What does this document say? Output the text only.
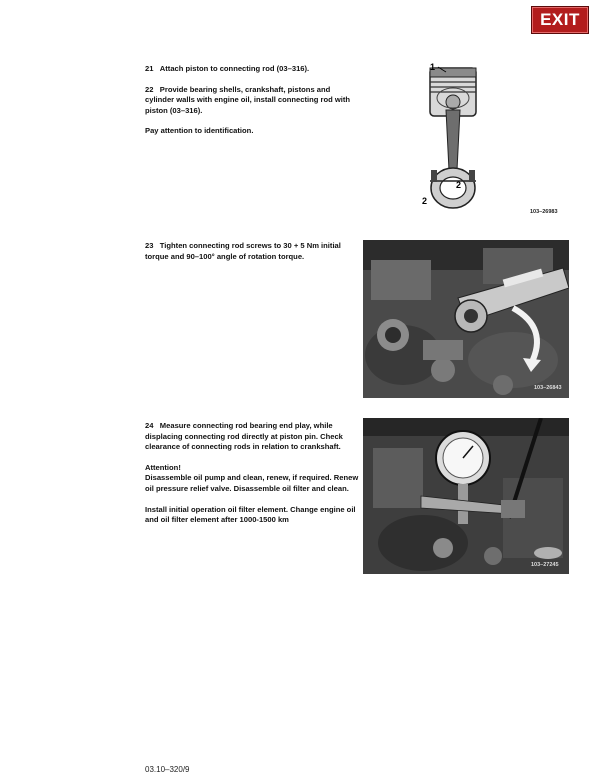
EXIT

21 Attach piston to connecting rod (03–316).

22 Provide bearing shells, crankshaft, pistons and cylinder walls with engine oil, install connecting rod with piston (03–316).

Pay attention to identification.

23 Tighten connecting rod screws to 30 + 5 Nm initial torque and 90–100° angle of rotation torque.

24 Measure connecting rod bearing end play, while displacing connecting rod directly at piston pin. Check clearance of connecting rods in relation to crankshaft.

Attention!

Disassemble oil pump and clean, renew, if required. Renew oil pressure relief valve. Disassemble oil filter and clean.

Install initial operation oil filter element. Change engine oil and oil filter element after 1000-1500 km

1
2
2
103–26983
103–26843
103–27245
03.10–320/9
